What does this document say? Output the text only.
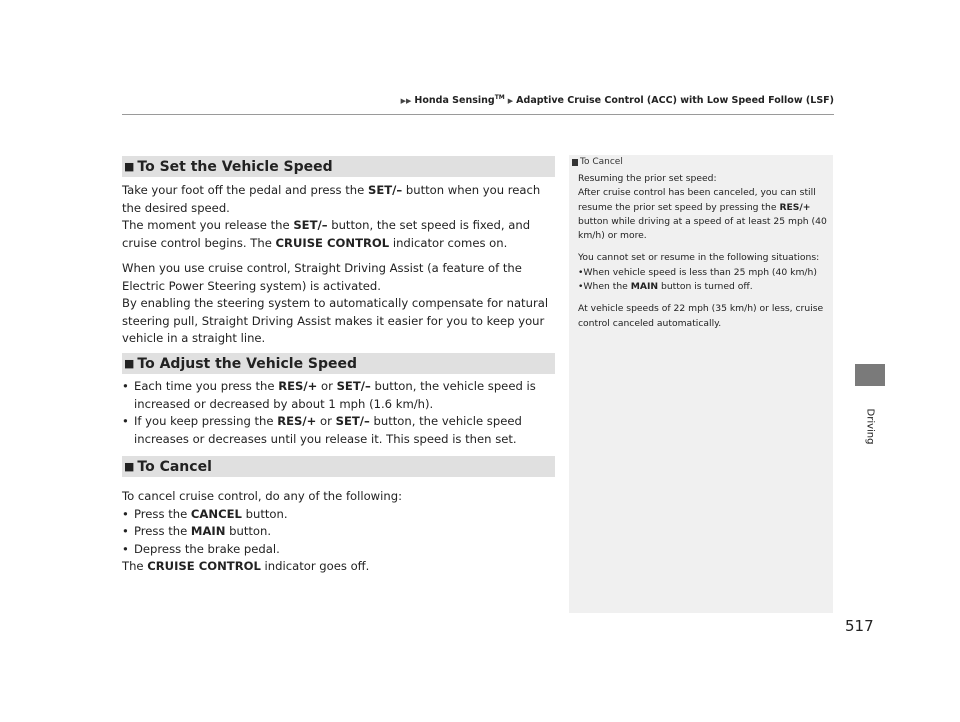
▶▶ Honda Sensing™ ▶ Adaptive Cruise Control (ACC) with Low Speed Follow (LSF)
Driving
517
To Cancel

Resuming the prior set speed:

After cruise control has been canceled, you can still resume the prior set speed by pressing the RES/+ button while driving at a speed of at least 25 mph (40 km/h) or more.

You cannot set or resume in the following situations:

•When vehicle speed is less than 25 mph (40 km/h)

•When the MAIN button is turned off.

At vehicle speeds of 22 mph (35 km/h) or less, cruise control canceled automatically.

■ To Set the Vehicle Speed

Take your foot off the pedal and press the SET/– button when you reach the desired speed.

The moment you release the SET/– button, the set speed is fixed, and cruise control begins. The CRUISE CONTROL indicator comes on.

When you use cruise control, Straight Driving Assist (a feature of the Electric Power Steering system) is activated.

By enabling the steering system to automatically compensate for natural steering pull, Straight Driving Assist makes it easier for you to keep your vehicle in a straight line.

■ To Adjust the Vehicle Speed
• Each time you press the RES/+ or SET/– button, the vehicle speed is increased or decreased by about 1 mph (1.6 km/h).
• If you keep pressing the RES/+ or SET/– button, the vehicle speed increases or decreases until you release it. This speed is then set.
■ To Cancel

To cancel cruise control, do any of the following:

• Press the CANCEL button.
• Press the MAIN button.
• Depress the brake pedal.

The CRUISE CONTROL indicator goes off.
